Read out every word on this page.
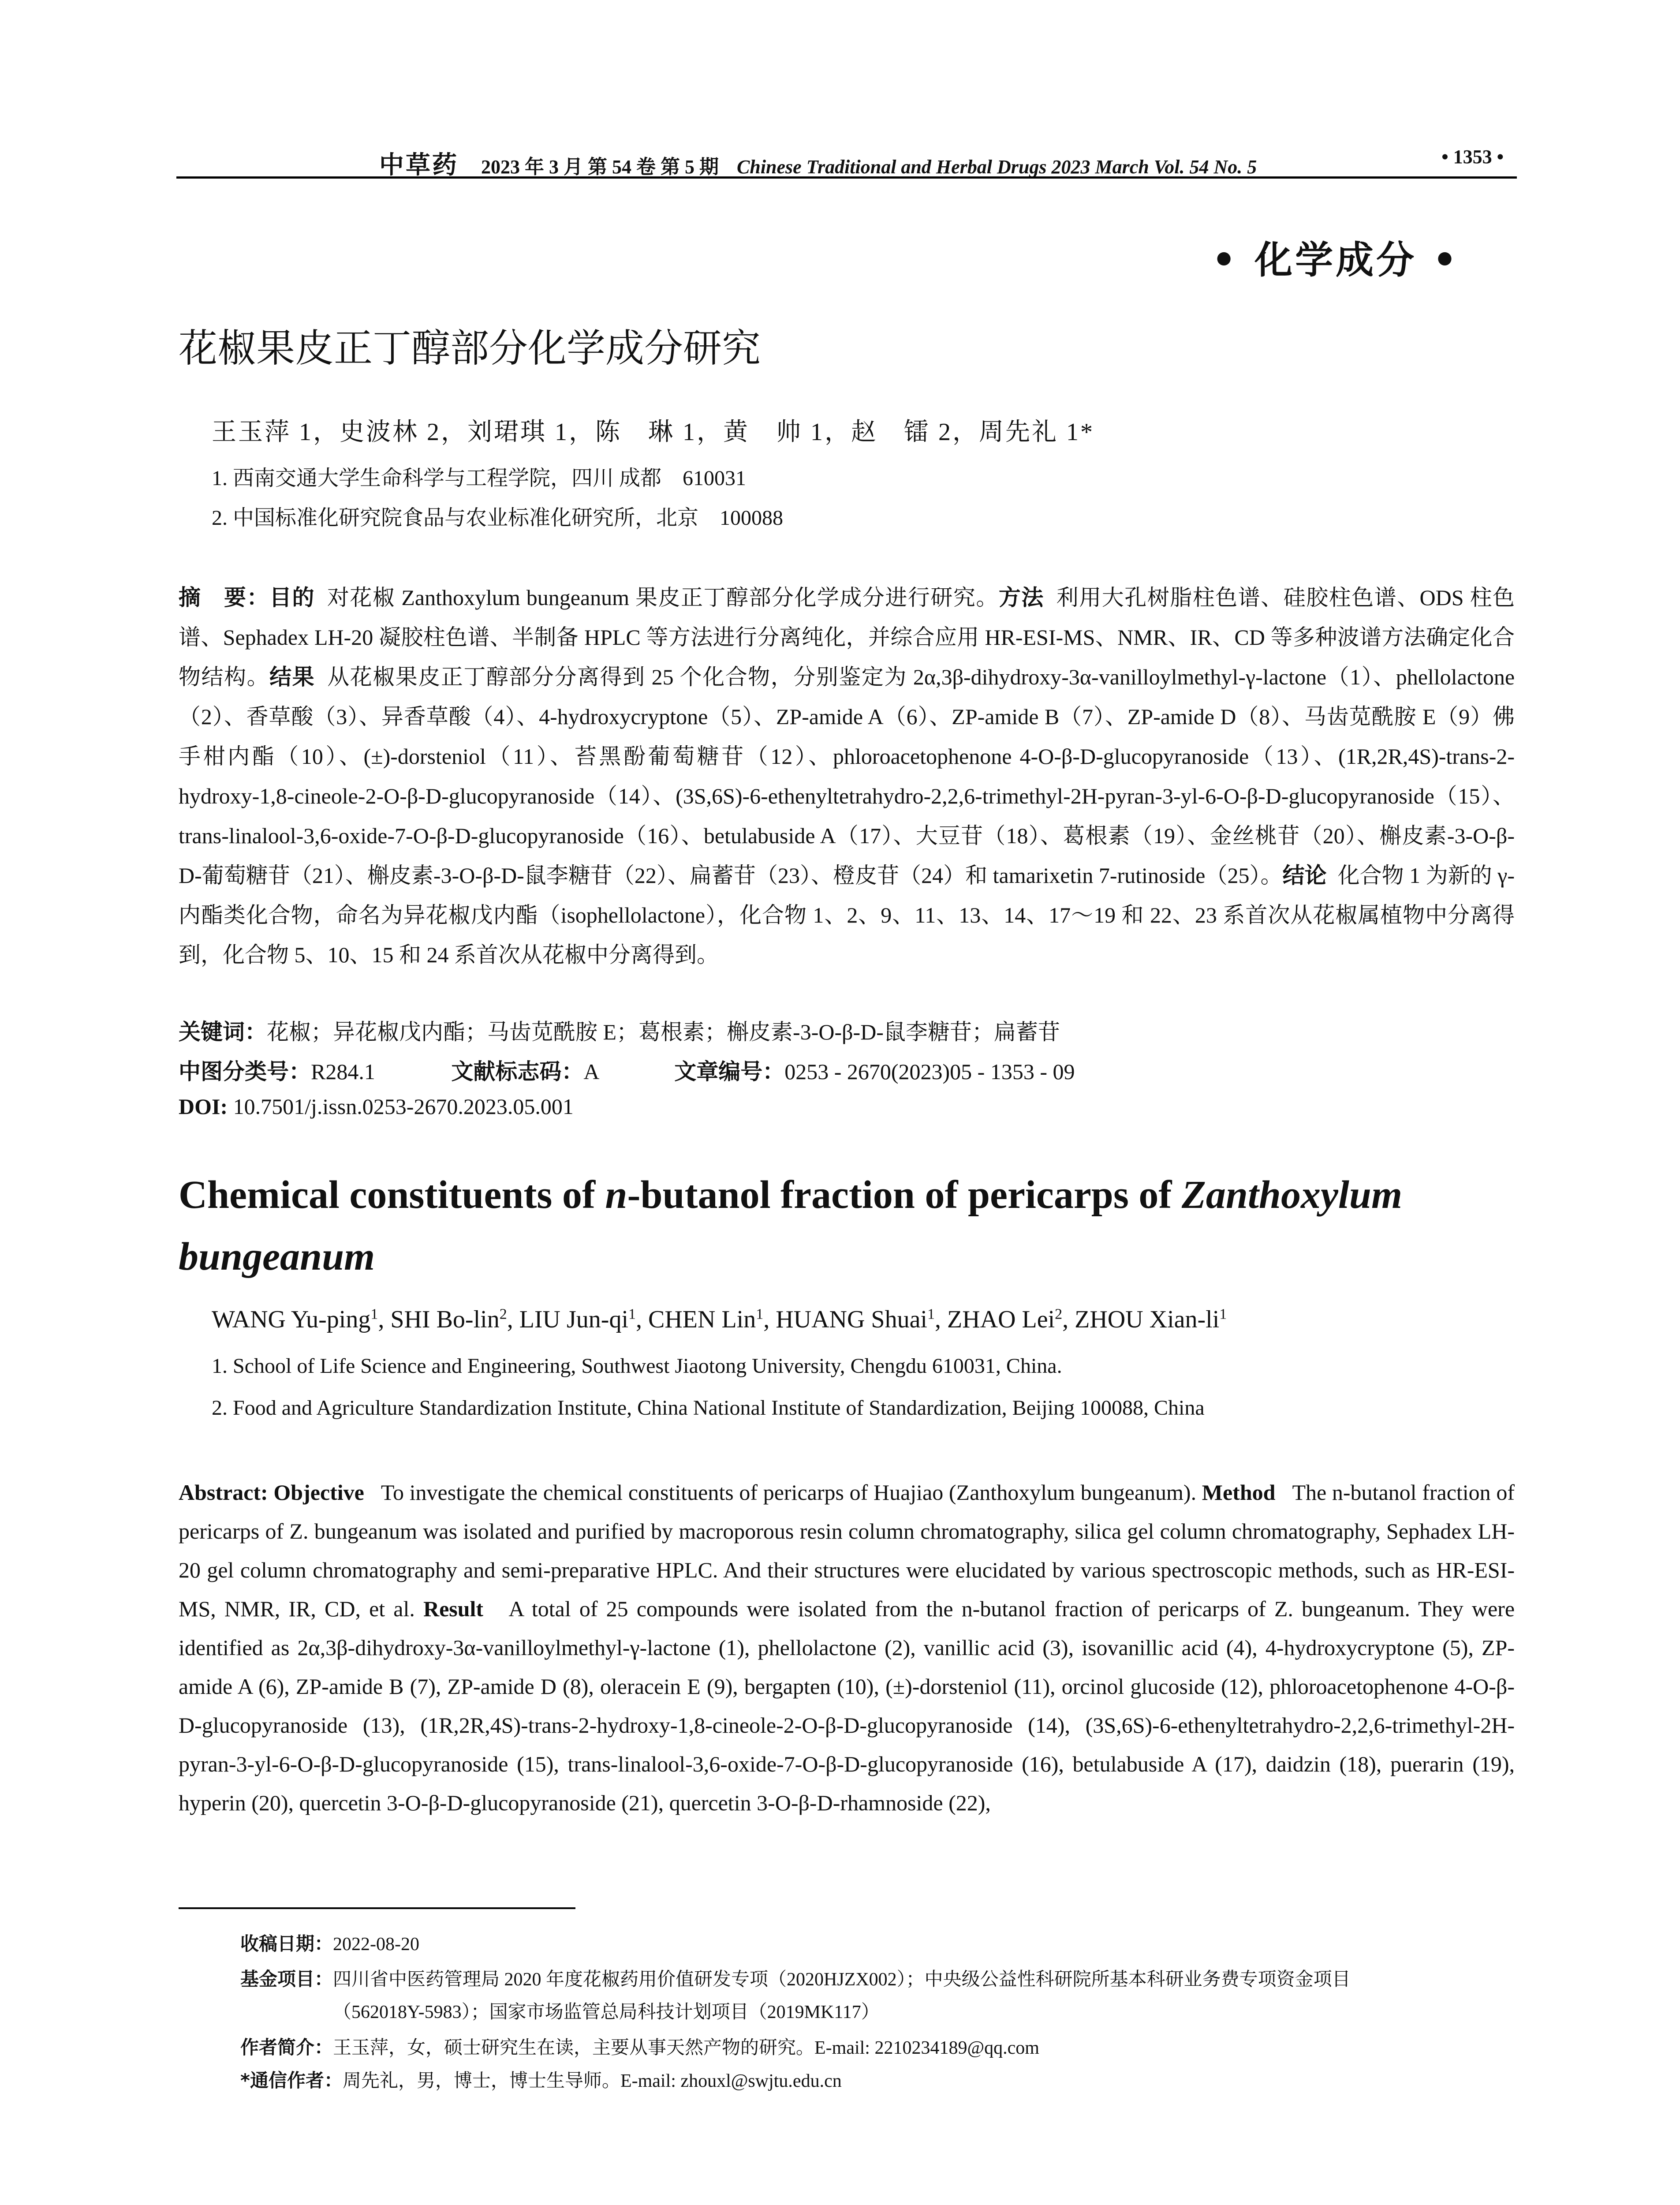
中草药 2023 年 3 月 第 54 卷 第 5 期 Chinese Traditional and Herbal Drugs 2023 March Vol. 54 No. 5	• 1353 •
• 化学成分 •
花椒果皮正丁醇部分化学成分研究
王玉萍 1，史波林 2，刘珺琪 1，陈　琳 1，黄　帅 1，赵　镭 2，周先礼 1*
1. 西南交通大学生命科学与工程学院，四川 成都　610031
2. 中国标准化研究院食品与农业标准化研究所，北京　100088
摘　要：目的 对花椒 Zanthoxylum bungeanum 果皮正丁醇部分化学成分进行研究。方法 利用大孔树脂柱色谱、硅胶柱色谱、ODS 柱色谱、Sephadex LH-20 凝胶柱色谱、半制备 HPLC 等方法进行分离纯化，并综合应用 HR-ESI-MS、NMR、IR、CD 等多种波谱方法确定化合物结构。结果 从花椒果皮正丁醇部分分离得到 25 个化合物，分别鉴定为 2α,3β-dihydroxy-3α-vanilloylmethyl-γ-lactone（1）、phellolactone（2）、香草酸（3）、异香草酸（4）、4-hydroxycryptone（5）、ZP-amide A（6）、ZP-amide B（7）、ZP-amide D（8）、马齿苋酰胺 E（9）佛手柑内酯（10）、(±)-dorsteniol（11）、苔黑酚葡萄糖苷（12）、phloroacetophenone 4-O-β-D-glucopyranoside（13）、(1R,2R,4S)-trans-2-hydroxy-1,8-cineole-2-O-β-D-glucopyranoside（14）、(3S,6S)-6-ethenyltetrahydro-2,2,6-trimethyl-2H-pyran-3-yl-6-O-β-D-glucopyranoside（15）、trans-linalool-3,6-oxide-7-O-β-D-glucopyranoside（16）、betulabuside A（17）、大豆苷（18）、葛根素（19）、金丝桃苷（20）、槲皮素-3-O-β-D-葡萄糖苷（21）、槲皮素-3-O-β-D-鼠李糖苷（22）、扁蓄苷（23）、橙皮苷（24）和 tamarixetin 7-rutinoside（25）。结论 化合物 1 为新的 γ-内酯类化合物，命名为异花椒戊内酯（isophellolactone），化合物 1、2、9、11、13、14、17～19 和 22、23 系首次从花椒属植物中分离得到，化合物 5、10、15 和 24 系首次从花椒中分离得到。
关键词：花椒；异花椒戊内酯；马齿苋酰胺 E；葛根素；槲皮素-3-O-β-D-鼠李糖苷；扁蓄苷
中图分类号：R284.1	文献标志码：A	文章编号：0253 - 2670(2023)05 - 1353 - 09
DOI: 10.7501/j.issn.0253-2670.2023.05.001
Chemical constituents of n-butanol fraction of pericarps of Zanthoxylum bungeanum
WANG Yu-ping$^1$, SHI Bo-lin$^2$, LIU Jun-$qi^1$, CHEN Lin$^1$, HUANG Shuai$^1$, ZHAO Lei$^2$, ZHOU Xian-$li^1$
1. School of Life Science and Engineering, Southwest Jiaotong University, Chengdu 610031, China.
2. Food and Agriculture Standardization Institute, China National Institute of Standardization, Beijing 100088, China
Abstract: Objective To investigate the chemical constituents of pericarps of Huajiao (Zanthoxylum bungeanum). Method The n-butanol fraction of pericarps of Z. bungeanum was isolated and purified by macroporous resin column chromatography, silica gel column chromatography, Sephadex LH-20 gel column chromatography and semi-preparative HPLC. And their structures were elucidated by various spectroscopic methods, such as HR-ESI-MS, NMR, IR, CD, et al. Result A total of 25 compounds were isolated from the n-butanol fraction of pericarps of Z. bungeanum. They were identified as 2α,3β-dihydroxy-3α-vanilloylmethyl-γ-lactone (1), phellolactone (2), vanillic acid (3), isovanillic acid (4), 4-hydroxycryptone (5), ZP-amide A (6), ZP-amide B (7), ZP-amide D (8), oleracein E (9), bergapten (10), (±)-dorsteniol (11), orcinol glucoside (12), phloroacetophenone 4-O-β-D-glucopyranoside (13), (1R,2R,4S)-trans-2-hydroxy-1,8-cineole-2-O-β-D-glucopyranoside (14), (3S,6S)-6-ethenyltetrahydro-2,2,6-trimethyl-2H-pyran-3-yl-6-O-β-D-glucopyranoside (15), trans-linalool-3,6-oxide-7-O-β-D-glucopyranoside (16), betulabuside A (17), daidzin (18), puerarin (19), hyperin (20), quercetin 3-O-β-D-glucopyranoside (21), quercetin 3-O-β-D-rhamnoside (22),
收稿日期：2022-08-20
基金项目：四川省中医药管理局 2020 年度花椒药用价值研发专项（2020HJZX002）；中央级公益性科研院所基本科研业务费专项资金项目
（562018Y-5983）；国家市场监管总局科技计划项目（2019MK117）
作者简介：王玉萍，女，硕士研究生在读，主要从事天然产物的研究。E-mail: 2210234189@qq.com
*通信作者：周先礼，男，博士，博士生导师。E-mail: zhouxl@swjtu.edu.cn
